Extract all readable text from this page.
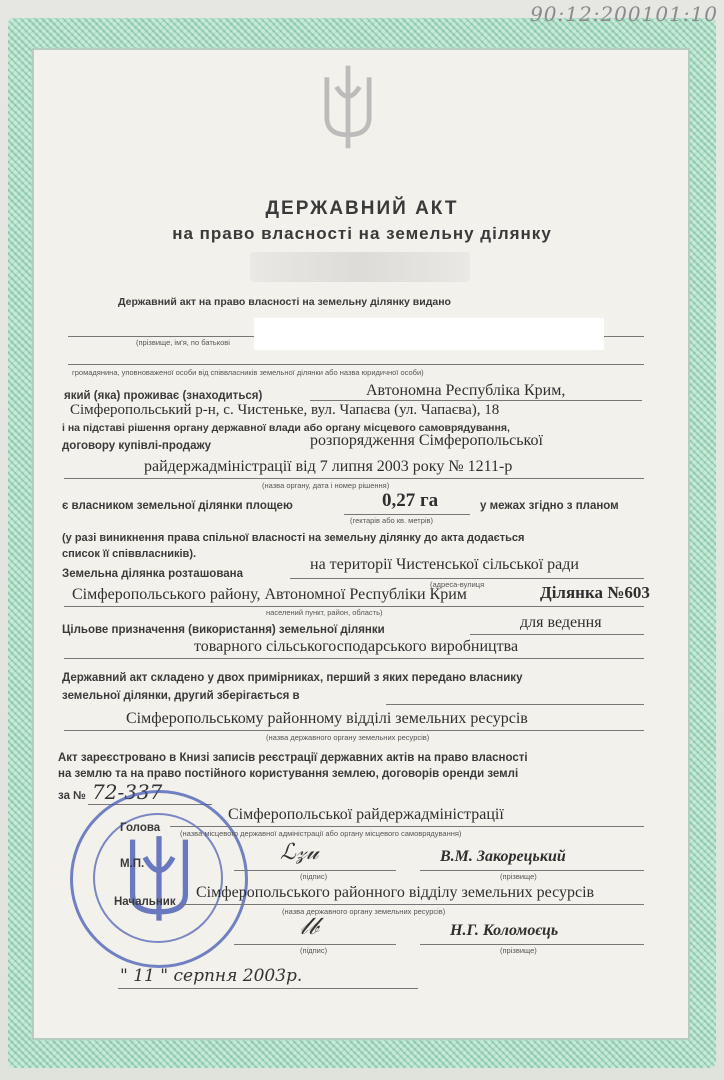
90:12:200101:10
ДЕРЖАВНИЙ АКТ
на право власності на земельну ділянку
Державний акт на право власності на земельну ділянку видано
(прізвище, ім'я, по батькові
громадянина, уповноваженої особи від співвласників земельної ділянки або назва юридичної особи)
який (яка) проживає (знаходиться)	Автономна Республіка Крим,
Сімферопольський р-н, с. Чистеньке, вул. Чапаєва (ул. Чапаєва), 18
і на підставі рішення органу державної влади або органу місцевого самоврядування,
договору купівлі-продажу	розпорядження Сімферопольської
райдержадміністрації від 7 липня 2003 року № 1211-р
(назва органу, дата і номер рішення)
є власником земельної ділянки площею	0,27 га	у межах згідно з планом
(гектарів або кв. метрів)
(у разі виникнення права спільної власності на земельну ділянку до акта додається
список її співвласників).
Земельна ділянка розташована
на території Чистенської сільської ради
(адреса-вулиця
Сімферопольського району, Автономної Республіки Крим	Ділянка №603
населений пункт, район, область)
Цільове призначення (використання) земельної ділянки	для ведення
товарного сільськогосподарського виробництва
Державний акт складено у двох примірниках, перший з яких передано власнику
земельної ділянки, другий зберігається в
Сімферопольському районному відділі земельних ресурсів
(назва державного органу земельних ресурсів)
Акт зареєстровано в Книзі записів реєстрації державних актів на право власності
на землю та на право постійного користування землею, договорів оренди землі
за № 72-337
Голова
Сімферопольської райдержадміністрації
(назва місцевого державної адміністрації або органу місцевого самоврядування)
М.П.	ℒ𝓏𝓊
(підпис)
В.М. Закорецький
(прізвище)
Начальник
Сімферопольського районного відділу земельних ресурсів
(назва державного органу земельних ресурсів)
𝓁𝒷
(підпис)
Н.Г. Коломоєць
(прізвище)
" 11 " серпня 2003р.
